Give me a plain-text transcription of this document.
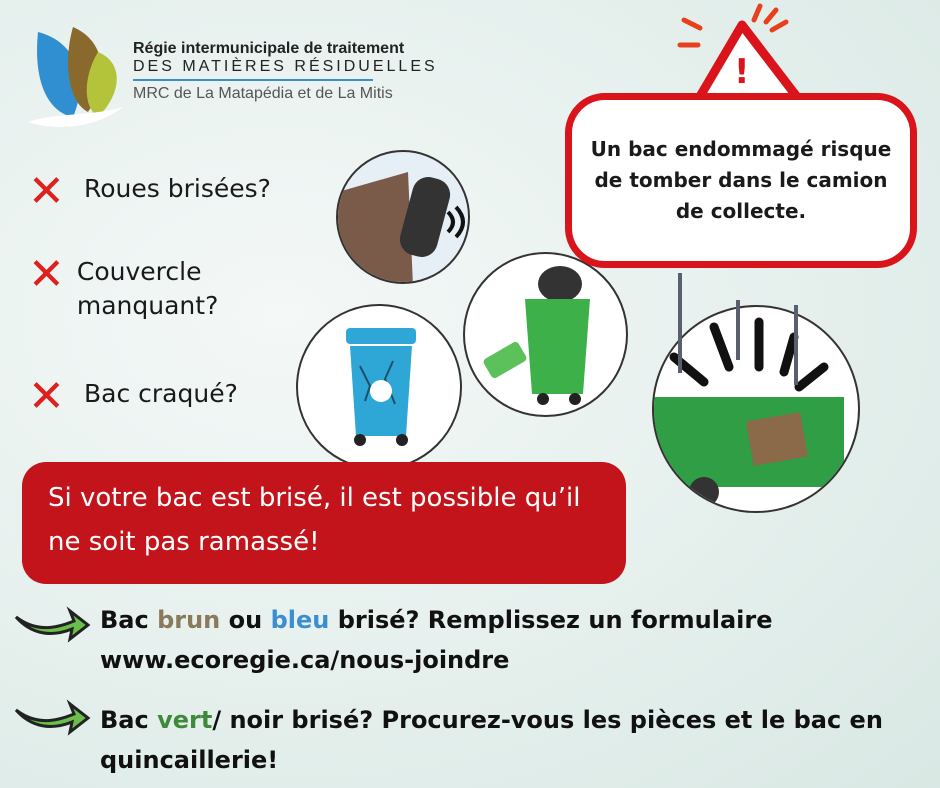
Régie intermunicipale de traitement
DES MATIÈRES RÉSIDUELLES
MRC de La Matapédia et de La Mitis
✕ Roues brisées?
✕ Couvercle manquant?
✕ Bac craqué?
!
Un bac endommagé risque de tomber dans le camion de collecte.
Si votre bac est brisé, il est possible qu’il ne soit pas ramassé!
Bac brun ou bleu brisé? Remplissez un formulaire
www.ecoregie.ca/nous-joindre
Bac vert/ noir brisé? Procurez-vous les pièces et le bac en quincaillerie!
